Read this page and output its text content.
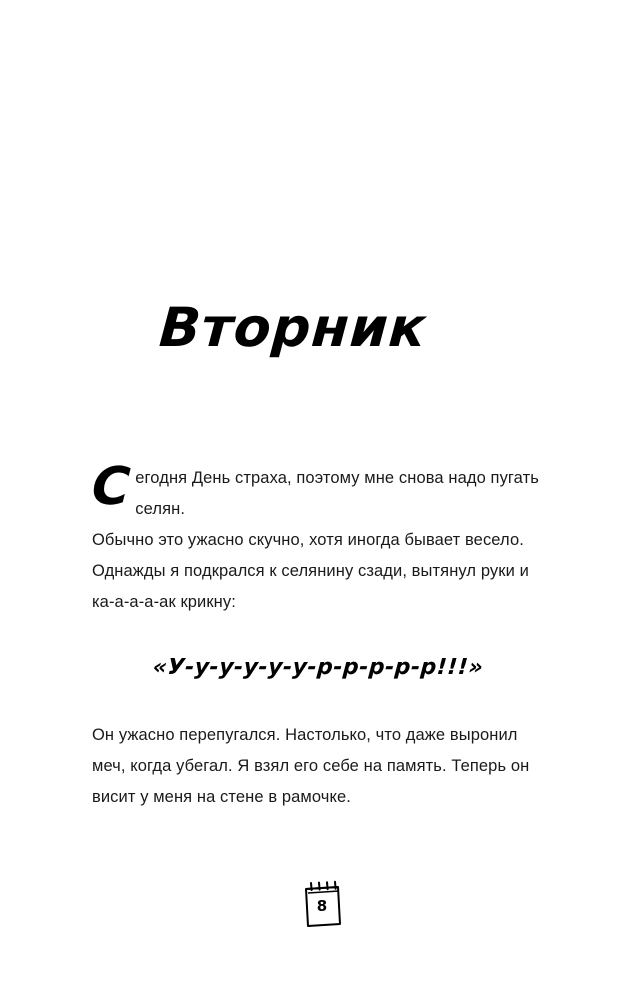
Вторник

Сегодня День страха, поэтому мне снова надо пугать селян.

Обычно это ужасно скучно, хотя иногда бывает весело. Однажды я подкрался к селянину сзади, вытянул руки и ка-а-а-а-ак крикну:

«У-у-у-у-у-у-р-р-р-р-р!!!»

Он ужасно перепугался. Настолько, что даже выронил меч, когда убегал. Я взял его себе на память. Теперь он висит у меня на стене в рамочке.

8
